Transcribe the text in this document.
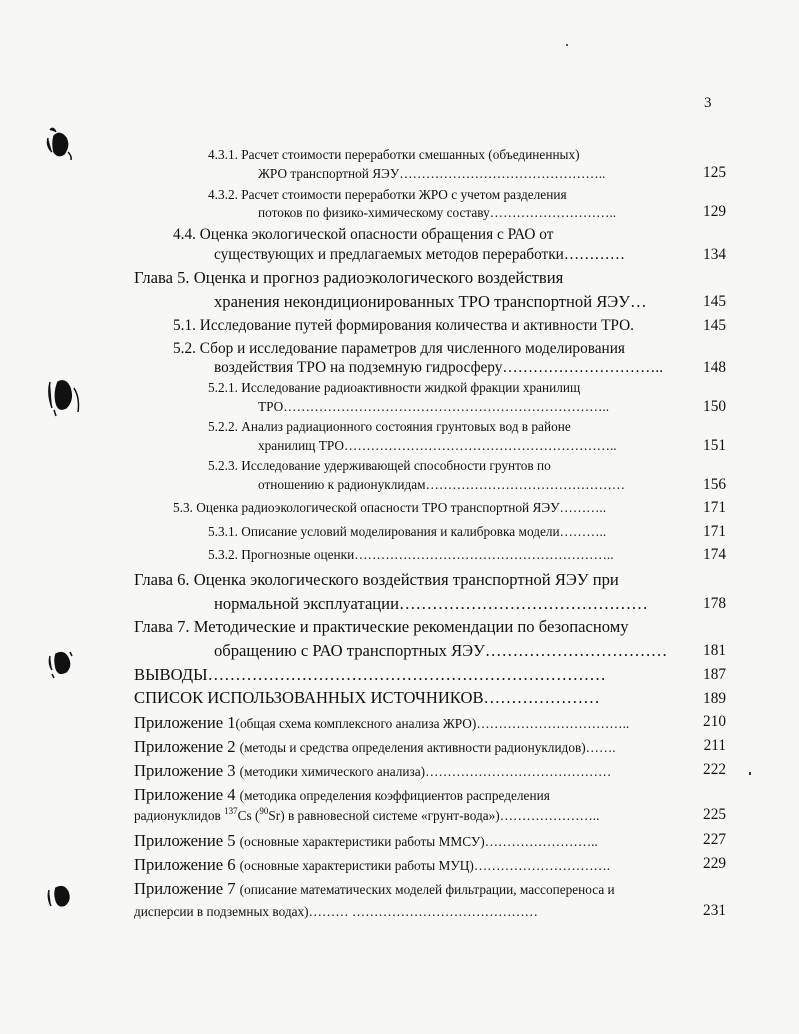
3
4.3.1. Расчет стоимости переработки смешанных (объединенных)
ЖРО транспортной ЯЭУ………………………………………..	125
4.3.2. Расчет стоимости переработки ЖРО с учетом разделения
потоков по физико-химическому составу………………………..	129
4.4. Оценка экологической опасности обращения с РАО от
существующих и предлагаемых методов переработки…………	134
Глава 5. Оценка и прогноз радиоэкологического воздействия
хранения некондиционированных ТРО транспортной ЯЭУ…	145
5.1. Исследование путей формирования количества и активности ТРО.	145
5.2. Сбор и исследование параметров для численного моделирования
воздействия ТРО на подземную гидросферу…………………………..	148
5.2.1. Исследование радиоактивности жидкой фракции хранилищ
ТРО………………………………………………………………..	150
5.2.2. Анализ радиационного состояния грунтовых вод в районе
хранилищ ТРО……………………………………………………..	151
5.2.3. Исследование удерживающей способности грунтов по
отношению к радионуклидам………………………………………	156
5.3. Оценка радиоэкологической опасности ТРО транспортной ЯЭУ………..	171
5.3.1. Описание условий моделирования и калибровка модели………..	171
5.3.2. Прогнозные оценки…………………………………………………..	174
Глава 6. Оценка экологического воздействия транспортной ЯЭУ при
нормальной эксплуатации………………………………………	178
Глава 7. Методические и практические рекомендации по безопасному
обращению с РАО транспортных ЯЭУ……………………………	181
ВЫВОДЫ………………………………………………………………	187
СПИСОК ИСПОЛЬЗОВАННЫХ ИСТОЧНИКОВ…………………	189
Приложение 1(общая схема комплексного анализа ЖРО)……………………………..	210
Приложение 2 (методы и средства определения активности радионуклидов)…….	211
Приложение 3 (методики химического анализа)……………………………………	222
Приложение 4 (методика определения коэффициентов распределения
радионуклидов $^{137}$Cs ($^{90}$Sr) в равновесной системе «грунт-вода»)…………………..	225
Приложение 5 (основные характеристики работы ММСУ)……………………..	227
Приложение 6 (основные характеристики работы МУЦ)………………………….	229
Приложение 7 (описание математических моделей фильтрации, массопереноса и
дисперсии в подземных водах)……… ……………………………………	231
